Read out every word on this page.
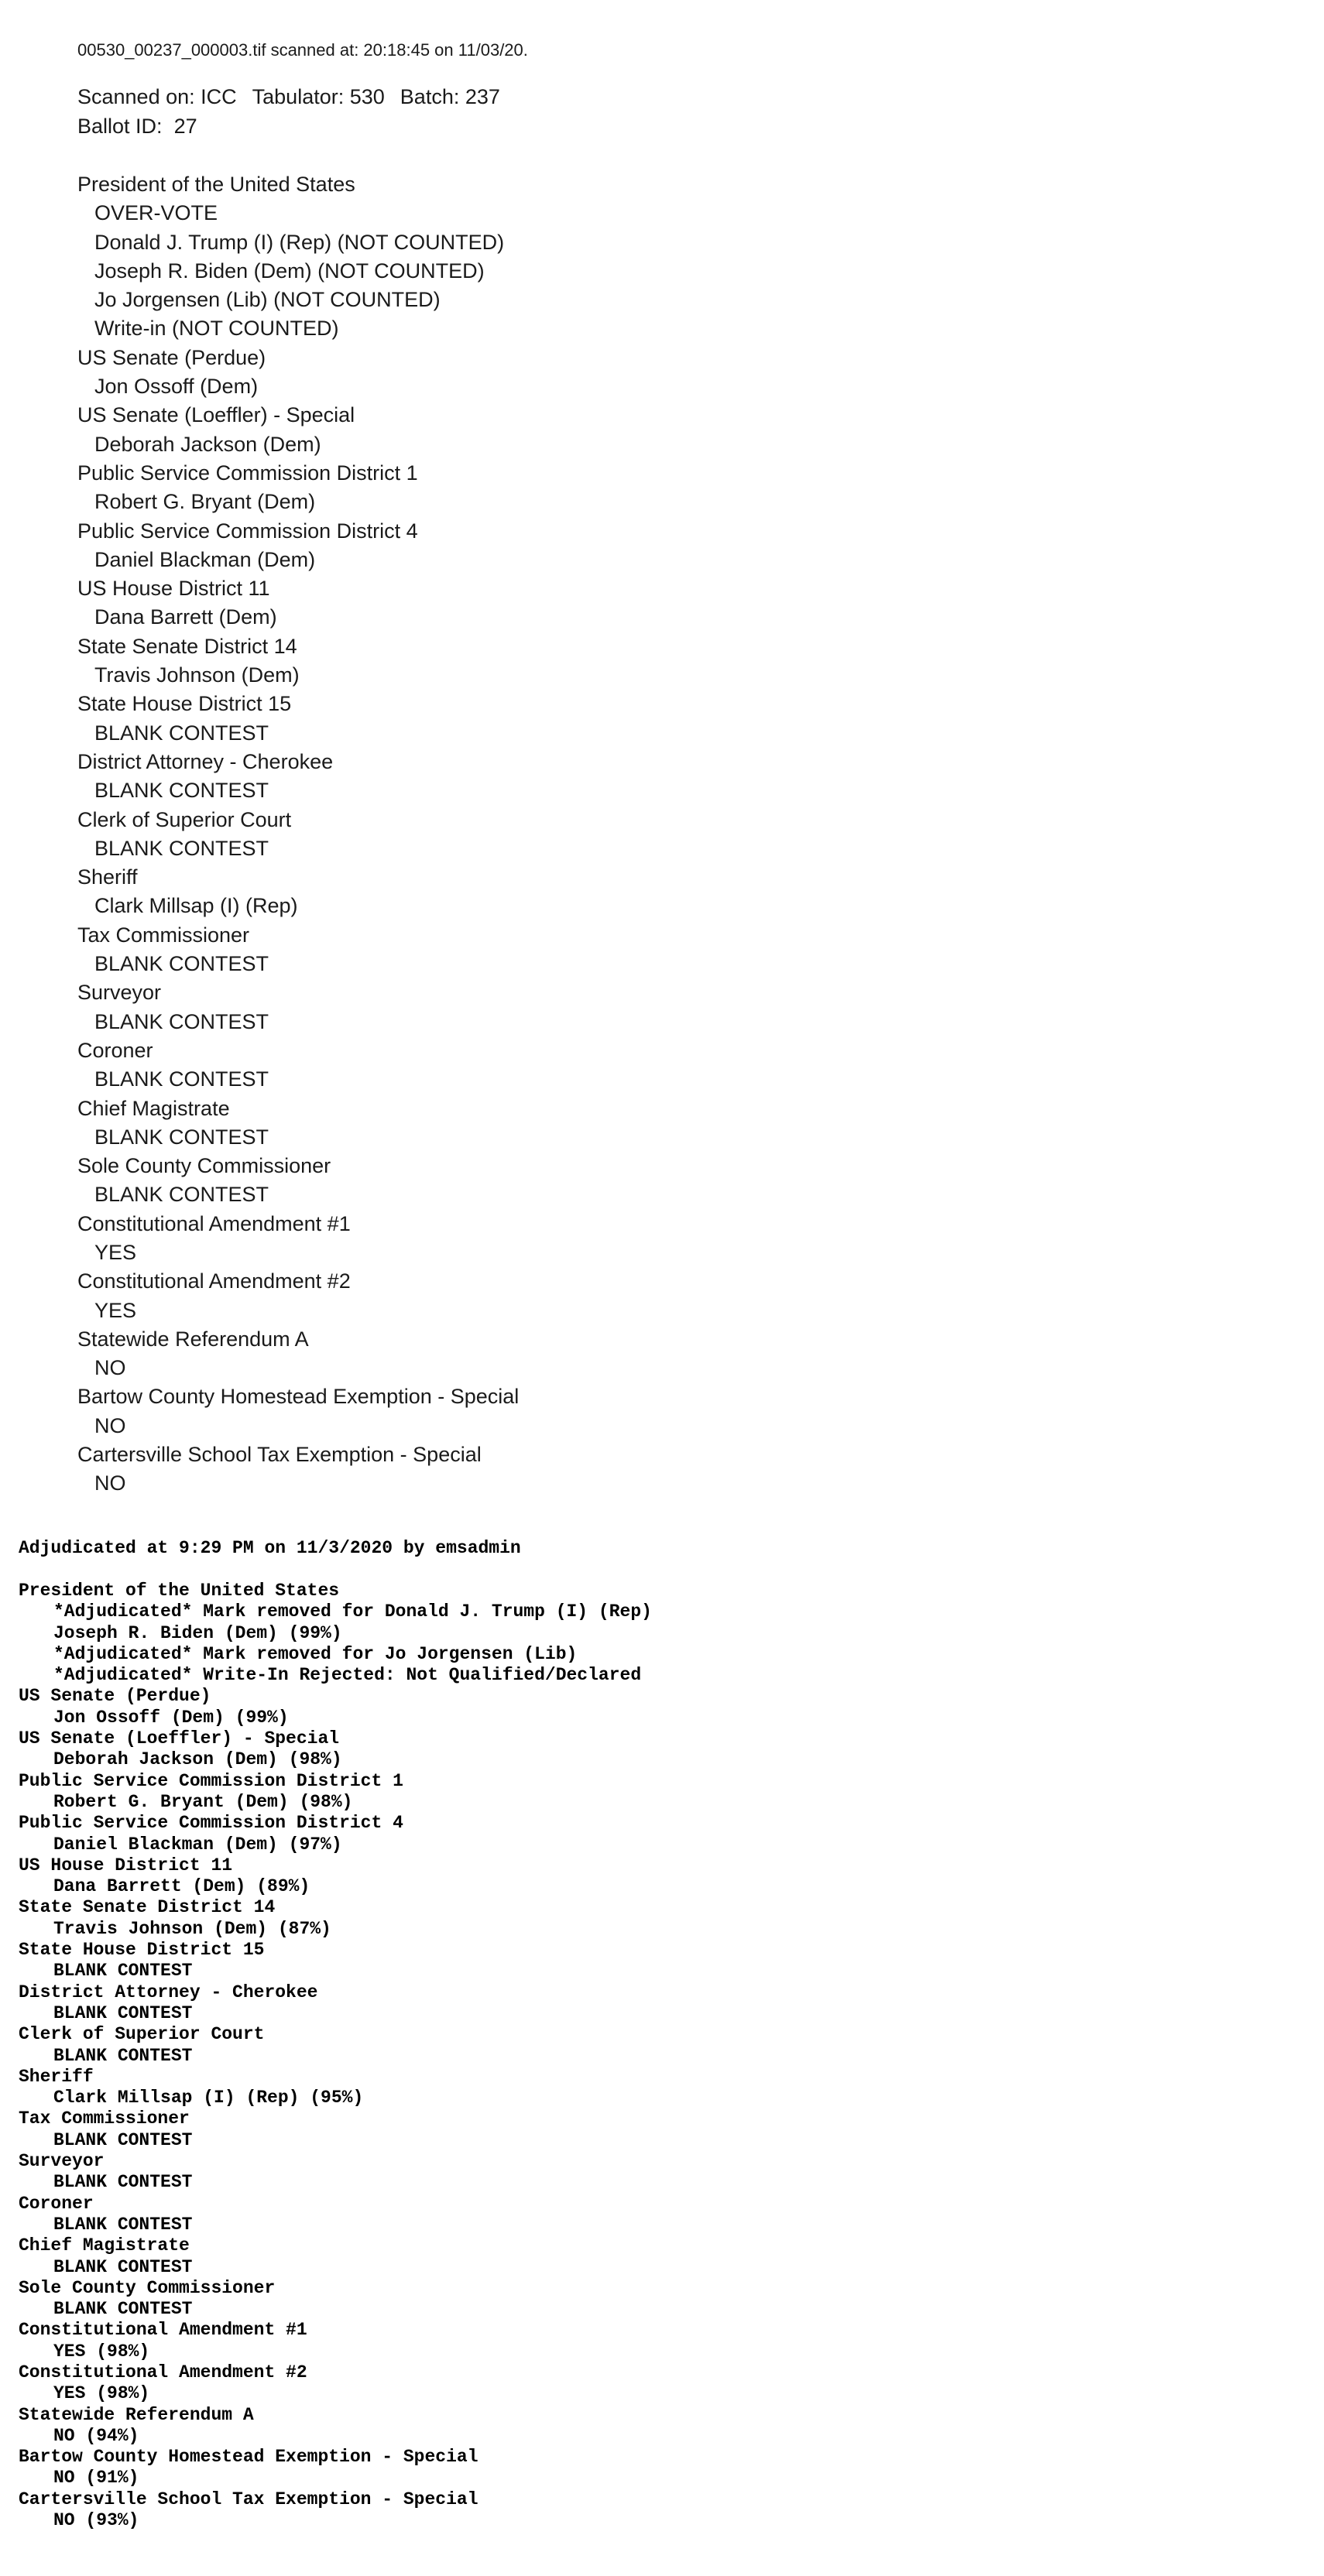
00530_00237_000003.tif scanned at: 20:18:45 on 11/03/20.
Scanned on: ICC Tabulator: 530 Batch: 237
Ballot ID: 27
President of the United States
OVER-VOTE
Donald J. Trump (I) (Rep) (NOT COUNTED)
Joseph R. Biden (Dem) (NOT COUNTED)
Jo Jorgensen (Lib) (NOT COUNTED)
Write-in (NOT COUNTED)
US Senate (Perdue)
Jon Ossoff (Dem)
US Senate (Loeffler) - Special
Deborah Jackson (Dem)
Public Service Commission District 1
Robert G. Bryant (Dem)
Public Service Commission District 4
Daniel Blackman (Dem)
US House District 11
Dana Barrett (Dem)
State Senate District 14
Travis Johnson (Dem)
State House District 15
BLANK CONTEST
District Attorney - Cherokee
BLANK CONTEST
Clerk of Superior Court
BLANK CONTEST
Sheriff
Clark Millsap (I) (Rep)
Tax Commissioner
BLANK CONTEST
Surveyor
BLANK CONTEST
Coroner
BLANK CONTEST
Chief Magistrate
BLANK CONTEST
Sole County Commissioner
BLANK CONTEST
Constitutional Amendment #1
YES
Constitutional Amendment #2
YES
Statewide Referendum A
NO
Bartow County Homestead Exemption - Special
NO
Cartersville School Tax Exemption - Special
NO
Adjudicated at 9:29 PM on 11/3/2020 by emsadmin
President of the United States
*Adjudicated* Mark removed for Donald J. Trump (I) (Rep)
Joseph R. Biden (Dem) (99%)
*Adjudicated* Mark removed for Jo Jorgensen (Lib)
*Adjudicated* Write-In Rejected: Not Qualified/Declared
US Senate (Perdue)
Jon Ossoff (Dem) (99%)
US Senate (Loeffler) - Special
Deborah Jackson (Dem) (98%)
Public Service Commission District 1
Robert G. Bryant (Dem) (98%)
Public Service Commission District 4
Daniel Blackman (Dem) (97%)
US House District 11
Dana Barrett (Dem) (89%)
State Senate District 14
Travis Johnson (Dem) (87%)
State House District 15
BLANK CONTEST
District Attorney - Cherokee
BLANK CONTEST
Clerk of Superior Court
BLANK CONTEST
Sheriff
Clark Millsap (I) (Rep) (95%)
Tax Commissioner
BLANK CONTEST
Surveyor
BLANK CONTEST
Coroner
BLANK CONTEST
Chief Magistrate
BLANK CONTEST
Sole County Commissioner
BLANK CONTEST
Constitutional Amendment #1
YES (98%)
Constitutional Amendment #2
YES (98%)
Statewide Referendum A
NO (94%)
Bartow County Homestead Exemption - Special
NO (91%)
Cartersville School Tax Exemption - Special
NO (93%)
